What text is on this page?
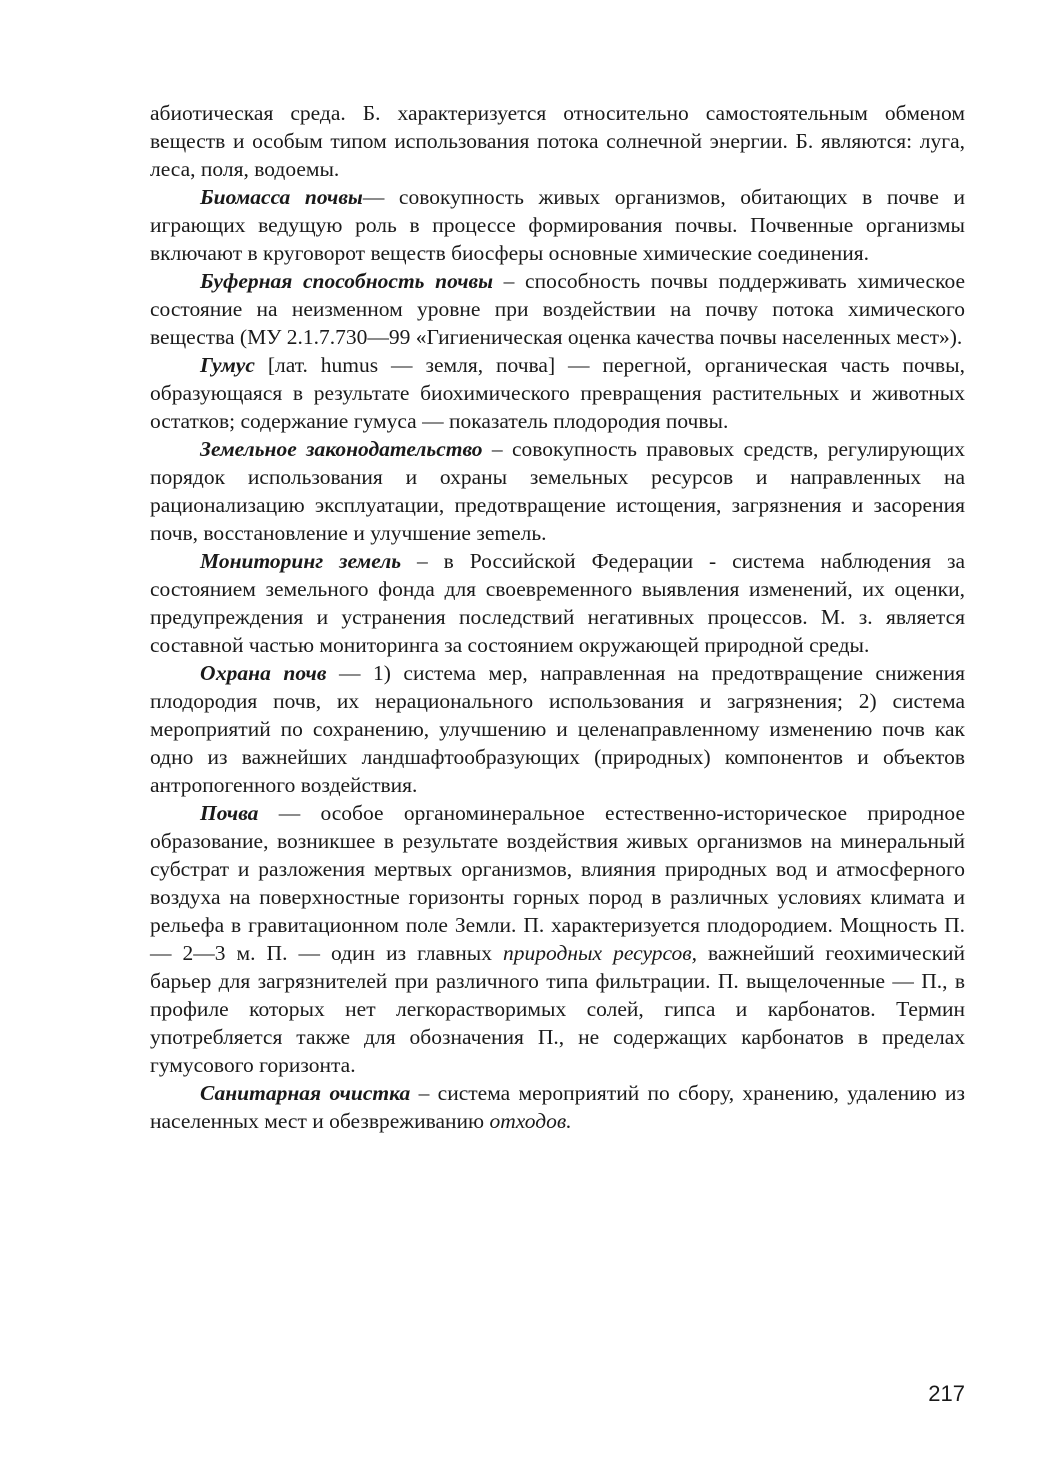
абиотическая среда. Б. характеризуется относительно самостоятельным обменом веществ и особым типом использования потока солнечной энергии. Б. являются: луга, леса, поля, водоемы.

Биомасса почвы— совокупность живых организмов, обитающих в почве и играющих ведущую роль в процессе формирования почвы. Почвенные организмы включают в круговорот веществ биосферы основные химические соединения.

Буферная способность почвы – способность почвы поддерживать химическое состояние на неизменном уровне при воздействии на почву потока химического вещества (МУ 2.1.7.730—99 «Гигиеническая оценка качества почвы населенных мест»).

Гумус [лат. humus — земля, почва] — перегной, органическая часть почвы, образующаяся в результате биохимического превращения растительных и животных остатков; содержание гумуса — показатель плодородия почвы.

Земельное законодательство – совокупность правовых средств, регулирующих порядок использования и охраны земельных ресурсов и направленных на рационализацию эксплуатации, предотвращение истощения, загрязнения и засорения почв, восстановление и улучшение зеmель.

Мониторинг земель – в Российской Федерации - система наблюдения за состоянием земельного фонда для своевременного выявления изменений, их оценки, предупреждения и устранения последствий негативных процессов. М. з. является составной частью мониторинга за состоянием окружающей природной среды.

Охрана почв — 1) система мер, направленная на предотвращение снижения плодородия почв, их нерационального использования и загрязнения; 2) система мероприятий по сохранению, улучшению и целенаправленному изменению почв как одно из важнейших ландшафтообразующих (природных) компонентов и объектов антропогенного воздействия.

Почва — особое органоминеральное естественно-историческое природное образование, возникшее в результате воздействия живых организмов на минеральный субстрат и разложения мертвых организмов, влияния природных вод и атмосферного воздуха на поверхностные горизонты горных пород в различных условиях климата и рельефа в гравитационном поле Земли. П. характеризуется плодородием. Мощность П. — 2—3 м. П. — один из главных природных ресурсов, важнейший геохимический барьер для загрязнителей при различного типа фильтрации. П. выщелоченные — П., в профиле которых нет легкорастворимых солей, гипса и карбонатов. Термин употребляется также для обозначения П., не содержащих карбонатов в пределах гумусового горизонта.

Санитарная очистка – система мероприятий по сбору, хранению, удалению из населенных мест и обезвреживанию отходов.

217
